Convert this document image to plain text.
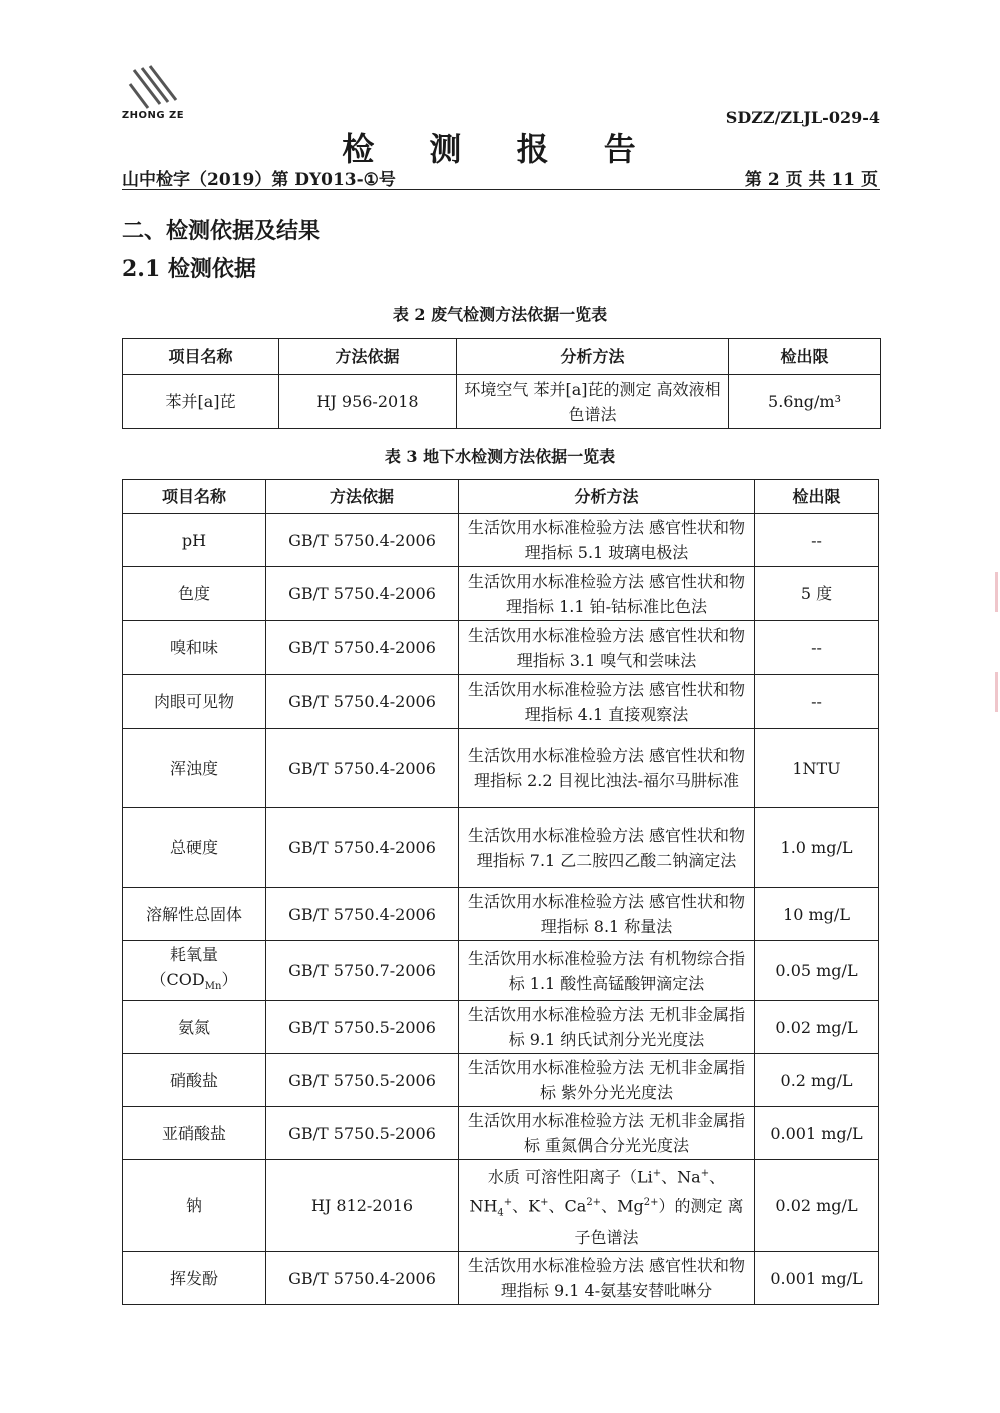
ZHONG ZE	SDZZ/ZLJL-029-4
检 测 报 告
山中检字（2019）第 DY013-①号	第 2 页 共 11 页
二、检测依据及结果
2.1 检测依据
表 2 废气检测方法依据一览表
项目名称	方法依据	分析方法	检出限
苯并[a]芘	HJ 956-2018	环境空气 苯并[a]芘的测定 高效液相色谱法	5.6ng/m³
表 3 地下水检测方法依据一览表
项目名称	方法依据	分析方法	检出限
pH	GB/T 5750.4-2006	生活饮用水标准检验方法 感官性状和物理指标 5.1 玻璃电极法	--
色度	GB/T 5750.4-2006	生活饮用水标准检验方法 感官性状和物理指标 1.1 铂-钴标准比色法	5 度
嗅和味	GB/T 5750.4-2006	生活饮用水标准检验方法 感官性状和物理指标 3.1 嗅气和尝味法	--
肉眼可见物	GB/T 5750.4-2006	生活饮用水标准检验方法 感官性状和物理指标 4.1 直接观察法	--
浑浊度	GB/T 5750.4-2006	生活饮用水标准检验方法 感官性状和物理指标 2.2 目视比浊法-福尔马肼标准	1NTU
总硬度	GB/T 5750.4-2006	生活饮用水标准检验方法 感官性状和物理指标 7.1 乙二胺四乙酸二钠滴定法	1.0 mg/L
溶解性总固体	GB/T 5750.4-2006	生活饮用水标准检验方法 感官性状和物理指标 8.1 称量法	10 mg/L
耗氧量
$(COD_{Mn})$	GB/T 5750.7-2006	生活饮用水标准检验方法 有机物综合指标 1.1 酸性高锰酸钾滴定法	0.05 mg/L
氨氮	GB/T 5750.5-2006	生活饮用水标准检验方法 无机非金属指标 9.1 纳氏试剂分光光度法	0.02 mg/L
硝酸盐	GB/T 5750.5-2006	生活饮用水标准检验方法 无机非金属指标 紫外分光光度法	0.2 mg/L
亚硝酸盐	GB/T 5750.5-2006	生活饮用水标准检验方法 无机非金属指标 重氮偶合分光光度法	0.001 mg/L
钠	HJ 812-2016	水质 可溶性阳离子（Li+、Na+、$NH_4^+$、K+、$Ca^{2+}$、$Mg^{2+}$）的测定 离子色谱法	0.02 mg/L
挥发酚	GB/T 5750.4-2006	生活饮用水标准检验方法 感官性状和物理指标 9.1 4-氨基安替吡啉分	0.001 mg/L
